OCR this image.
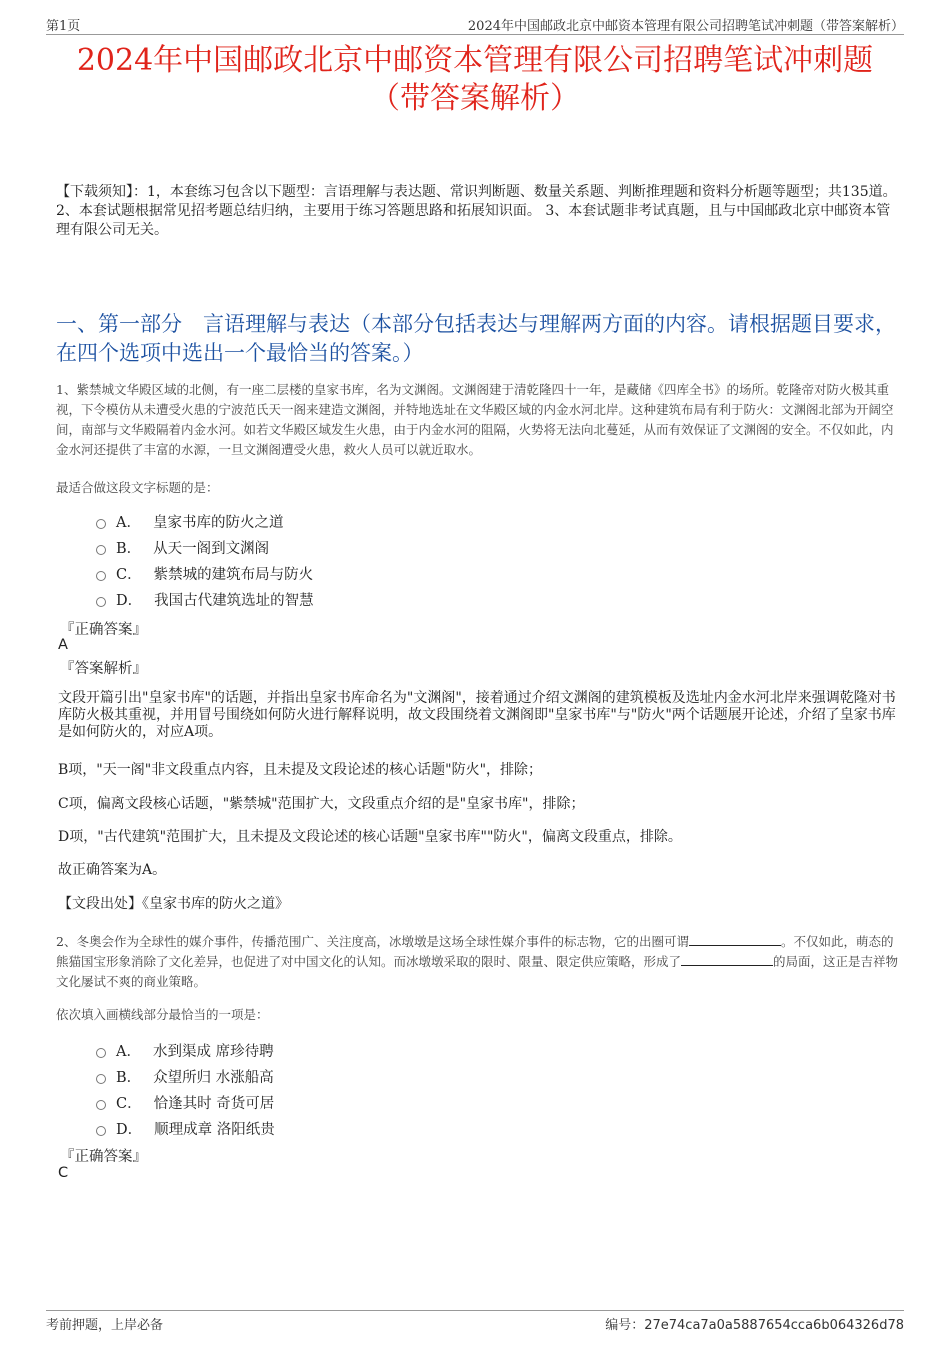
第1页	2024年中国邮政北京中邮资本管理有限公司招聘笔试冲刺题（带答案解析）
2024年中国邮政北京中邮资本管理有限公司招聘笔试冲刺题
（带答案解析）
【下载须知】：1，本套练习包含以下题型：言语理解与表达题、常识判断题、数量关系题、判断推理题和资料分析题等题型；共135道。 2、本套试题根据常见招考题总结归纳，主要用于练习答题思路和拓展知识面。 3、本套试题非考试真题，且与中国邮政北京中邮资本管理有限公司无关。
一、第一部分　言语理解与表达（本部分包括表达与理解两方面的内容。请根据题目要求，在四个选项中选出一个最恰当的答案。）
1、紫禁城文华殿区域的北侧，有一座二层楼的皇家书库，名为文渊阁。文渊阁建于清乾隆四十一年，是藏储《四库全书》的场所。乾隆帝对防火极其重视，下令模仿从未遭受火患的宁波范氏天一阁来建造文渊阁，并特地选址在文华殿区域的内金水河北岸。这种建筑布局有利于防火：文渊阁北部为开阔空间，南部与文华殿隔着内金水河。如若文华殿区域发生火患，由于内金水河的阻隔，火势将无法向北蔓延，从而有效保证了文渊阁的安全。不仅如此，内金水河还提供了丰富的水源，一旦文渊阁遭受火患，救火人员可以就近取水。
最适合做这段文字标题的是：
A． 皇家书库的防火之道
B． 从天一阁到文渊阁
C． 紫禁城的建筑布局与防火
D． 我国古代建筑选址的智慧
『正确答案』
A
『答案解析』
文段开篇引出"皇家书库"的话题，并指出皇家书库命名为"文渊阁"，接着通过介绍文渊阁的建筑模板及选址内金水河北岸来强调乾隆对书库防火极其重视，并用冒号围绕如何防火进行解释说明，故文段围绕着文渊阁即"皇家书库"与"防火"两个话题展开论述，介绍了皇家书库是如何防火的，对应A项。
B项，"天一阁"非文段重点内容，且未提及文段论述的核心话题"防火"，排除；
C项，偏离文段核心话题，"紫禁城"范围扩大，文段重点介绍的是"皇家书库"，排除；
D项，"古代建筑"范围扩大，且未提及文段论述的核心话题"皇家书库""防火"，偏离文段重点，排除。
故正确答案为A。
【文段出处】《皇家书库的防火之道》
2、冬奥会作为全球性的媒介事件，传播范围广、关注度高，冰墩墩是这场全球性媒介事件的标志物，它的出圈可谓	。不仅如此，萌态的熊猫国宝形象消除了文化差异，也促进了对中国文化的认知。而冰墩墩采取的限时、限量、限定供应策略，形成了	的局面，这正是吉祥物文化屡试不爽的商业策略。
依次填入画横线部分最恰当的一项是：
A． 水到渠成 席珍待聘
B． 众望所归 水涨船高
C． 恰逢其时 奇货可居
D． 顺理成章 洛阳纸贵
『正确答案』
C
考前押题，上岸必备	编号：27e74ca7a0a5887654cca6b064326d78
